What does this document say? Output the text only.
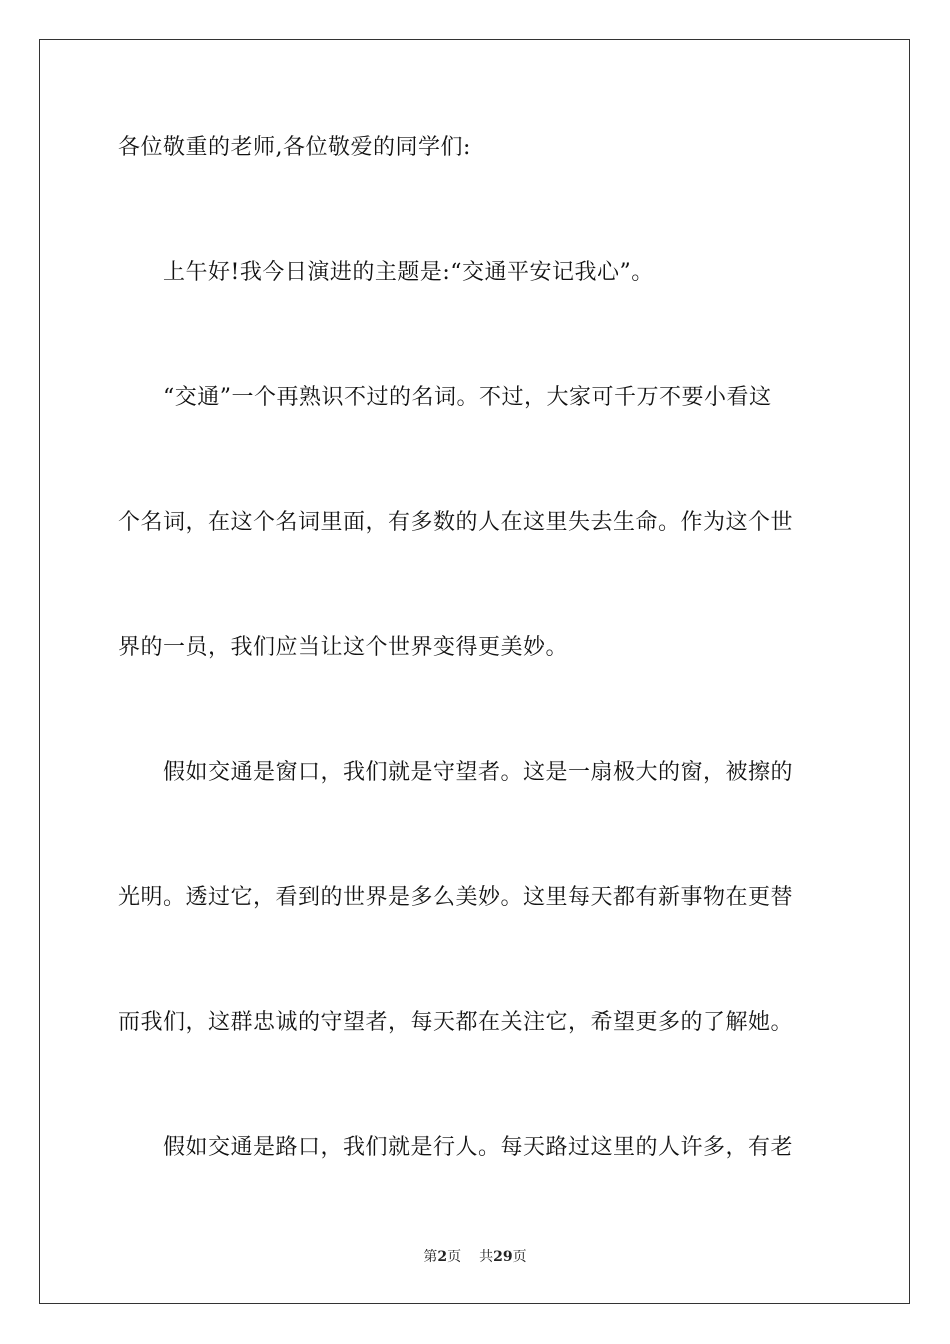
各位敬重的老师,各位敬爱的同学们:
上午好!我今日演进的主题是:“交通平安记我心”。
“交通”一个再熟识不过的名词。不过，大家可千万不要小看这
个名词，在这个名词里面，有多数的人在这里失去生命。作为这个世
界的一员，我们应当让这个世界变得更美妙。
假如交通是窗口，我们就是守望者。这是一扇极大的窗，被擦的
光明。透过它，看到的世界是多么美妙。这里每天都有新事物在更替
而我们，这群忠诚的守望者，每天都在关注它，希望更多的了解她。
假如交通是路口，我们就是行人。每天路过这里的人许多，有老
第2页 共29页
